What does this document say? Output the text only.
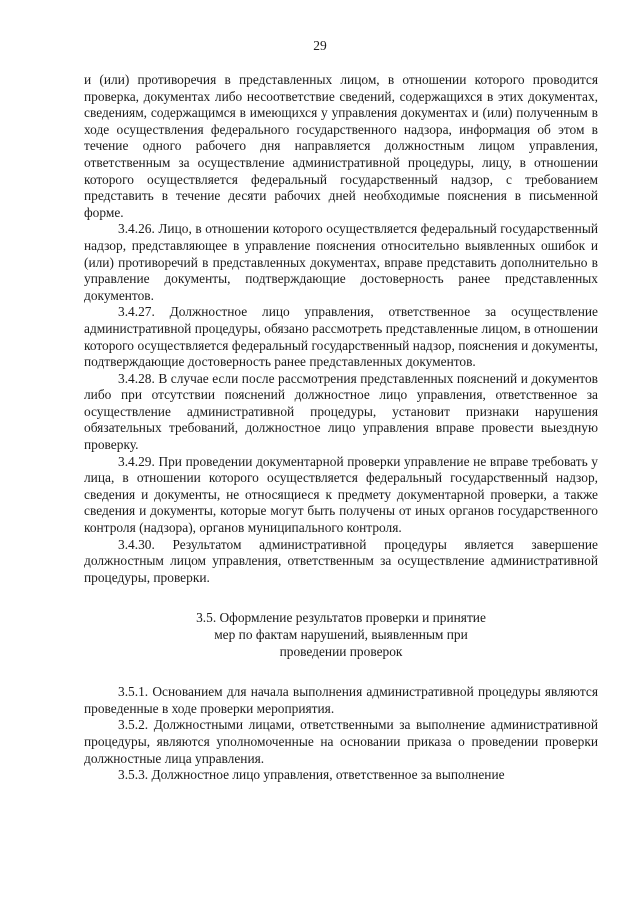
29

и (или) противоречия в представленных лицом, в отношении которого проводится проверка, документах либо несоответствие сведений, содержащихся в этих документах, сведениям, содержащимся в имеющихся у управления документах и (или) полученным в ходе осуществления федерального государственного надзора, информация об этом в течение одного рабочего дня направляется должностным лицом управления, ответственным за осуществление административной процедуры, лицу, в отношении которого осуществляется федеральный государственный надзор, с требованием представить в течение десяти рабочих дней необходимые пояснения в письменной форме.

3.4.26. Лицо, в отношении которого осуществляется федеральный государственный надзор, представляющее в управление пояснения относительно выявленных ошибок и (или) противоречий в представленных документах, вправе представить дополнительно в управление документы, подтверждающие достоверность ранее представленных документов.

3.4.27. Должностное лицо управления, ответственное за осуществление административной процедуры, обязано рассмотреть представленные лицом, в отношении которого осуществляется федеральный государственный надзор, пояснения и документы, подтверждающие достоверность ранее представленных документов.

3.4.28. В случае если после рассмотрения представленных пояснений и документов либо при отсутствии пояснений должностное лицо управления, ответственное за осуществление административной процедуры, установит признаки нарушения обязательных требований, должностное лицо управления вправе провести выездную проверку.

3.4.29. При проведении документарной проверки управление не вправе требовать у лица, в отношении которого осуществляется федеральный государственный надзор, сведения и документы, не относящиеся к предмету документарной проверки, а также сведения и документы, которые могут быть получены от иных органов государственного контроля (надзора), органов муниципального контроля.

3.4.30. Результатом административной процедуры является завершение должностным лицом управления, ответственным за осуществление административной процедуры, проверки.

3.5. Оформление результатов проверки и принятие
мер по фактам нарушений, выявленным при
проведении проверок

3.5.1. Основанием для начала выполнения административной процедуры являются проведенные в ходе проверки мероприятия.

3.5.2. Должностными лицами, ответственными за выполнение административной процедуры, являются уполномоченные на основании приказа о проведении проверки должностные лица управления.

3.5.3. Должностное лицо управления, ответственное за выполнение
